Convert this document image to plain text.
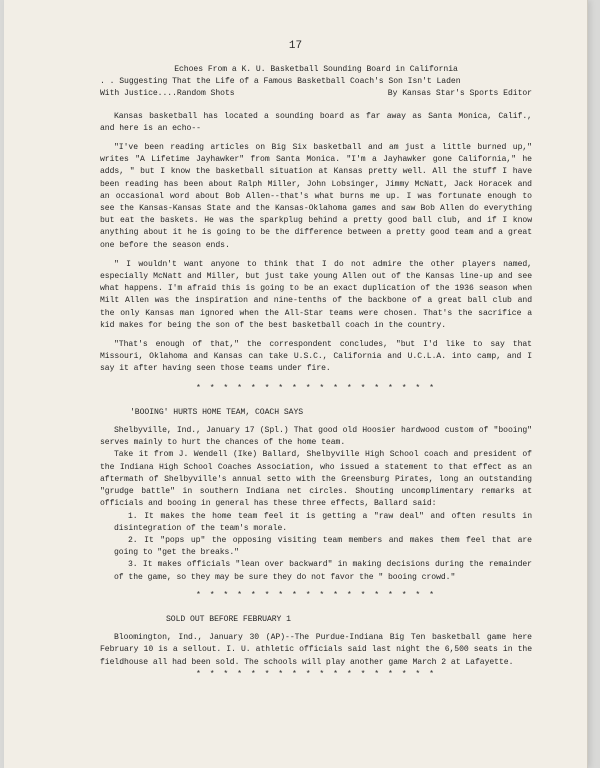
17
Echoes From a K. U. Basketball Sounding Board in California
. . Suggesting That the Life of a Famous Basketball Coach's Son Isn't Laden
With Justice....Random Shots	By Kansas Star's Sports Editor

Kansas basketball has located a sounding board as far away as Santa Monica, Calif., and here is an echo--

"I've been reading articles on Big Six basketball and am just a little burned up," writes "A Lifetime Jayhawker" from Santa Monica. "I'm a Jayhawker gone California," he adds, " but I know the basketball situation at Kansas pretty well. All the stuff I have been reading has been about Ralph Miller, John Lobsinger, Jimmy McNatt, Jack Horacek and an occasional word about Bob Allen--that's what burns me up. I was fortunate enough to see the Kansas-Kansas State and the Kansas-Oklahoma games and saw Bob Allen do everything but eat the baskets. He was the sparkplug behind a pretty good ball club, and if I know anything about it he is going to be the difference between a pretty good team and a great one before the season ends.

" I wouldn't want anyone to think that I do not admire the other players named, especially McNatt and Miller, but just take young Allen out of the Kansas line-up and see what happens. I'm afraid this is going to be an exact duplication of the 1936 season when Milt Allen was the inspiration and nine-tenths of the backbone of a great ball club and the only Kansas man ignored when the All-Star teams were chosen. That's the sacrifice a kid makes for being the son of the best basketball coach in the country.

"That's enough of that," the correspondent concludes, "but I'd like to say that Missouri, Oklahoma and Kansas can take U.S.C., California and U.C.L.A. into camp, and I say it after having seen those teams under fire.

* * * * * * * * * * * * * * * * * *
'BOOING' HURTS HOME TEAM, COACH SAYS

Shelbyville, Ind., January 17 (Spl.) That good old Hoosier hardwood custom of "booing" serves mainly to hurt the chances of the home team.

Take it from J. Wendell (Ike) Ballard, Shelbyville High School coach and president of the Indiana High School Coaches Association, who issued a statement to that effect as an aftermath of Shelbyville's annual setto with the Greensburg Pirates, long an outstanding "grudge battle" in southern Indiana net circles. Shouting uncomplimentary remarks at officials and booing in general has these three effects, Ballard said:

1. It makes the home team feel it is getting a "raw deal" and often results in disintegration of the team's morale.

2. It "pops up" the opposing visiting team members and makes them feel that are going to "get the breaks."

3. It makes officials "lean over backward" in making decisions during the remainder of the game, so they may be sure they do not favor the " booing crowd."

* * * * * * * * * * * * * * * * * *
SOLD OUT BEFORE FEBRUARY 1

Bloomington, Ind., January 30 (AP)--The Purdue-Indiana Big Ten basketball game here February 10 is a sellout. I. U. athletic officials said last night the 6,500 seats in the fieldhouse all had been sold. The schools will play another game March 2 at Lafayette.

* * * * * * * * * * * * * * * * * *
